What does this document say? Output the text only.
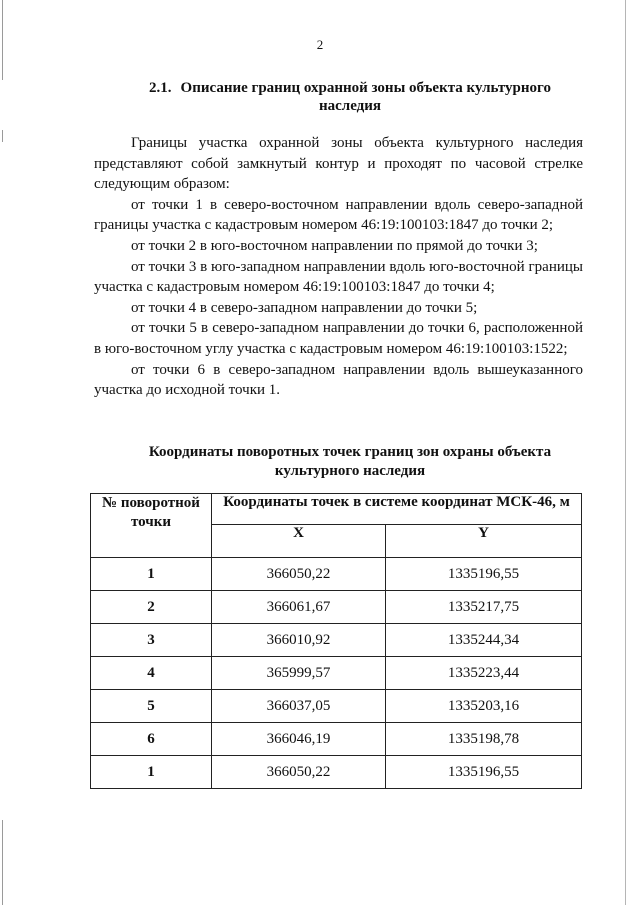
2
2.1. Описание границ охранной зоны объекта культурного наследия

Границы участка охранной зоны объекта культурного наследия представляют собой замкнутый контур и проходят по часовой стрелке следующим образом:

от точки 1 в северо-восточном направлении вдоль северо-западной границы участка с кадастровым номером 46:19:100103:1847 до точки 2;

от точки 2 в юго-восточном направлении по прямой до точки 3;

от точки 3 в юго-западном направлении вдоль юго-восточной границы участка с кадастровым номером 46:19:100103:1847 до точки 4;

от точки 4 в северо-западном направлении до точки 5;

от точки 5 в северо-западном направлении до точки 6, расположенной в юго-восточном углу участка с кадастровым номером 46:19:100103:1522;

от точки 6 в северо-западном направлении вдоль вышеуказанного участка до исходной точки 1.

Координаты поворотных точек границ зон охраны объекта культурного наследия
№ поворотной точки	Координаты точек в системе координат МСК-46, м	
	X	Y
1	366050,22	1335196,55
2	366061,67	1335217,75
3	366010,92	1335244,34
4	365999,57	1335223,44
5	366037,05	1335203,16
6	366046,19	1335198,78
1	366050,22	1335196,55
